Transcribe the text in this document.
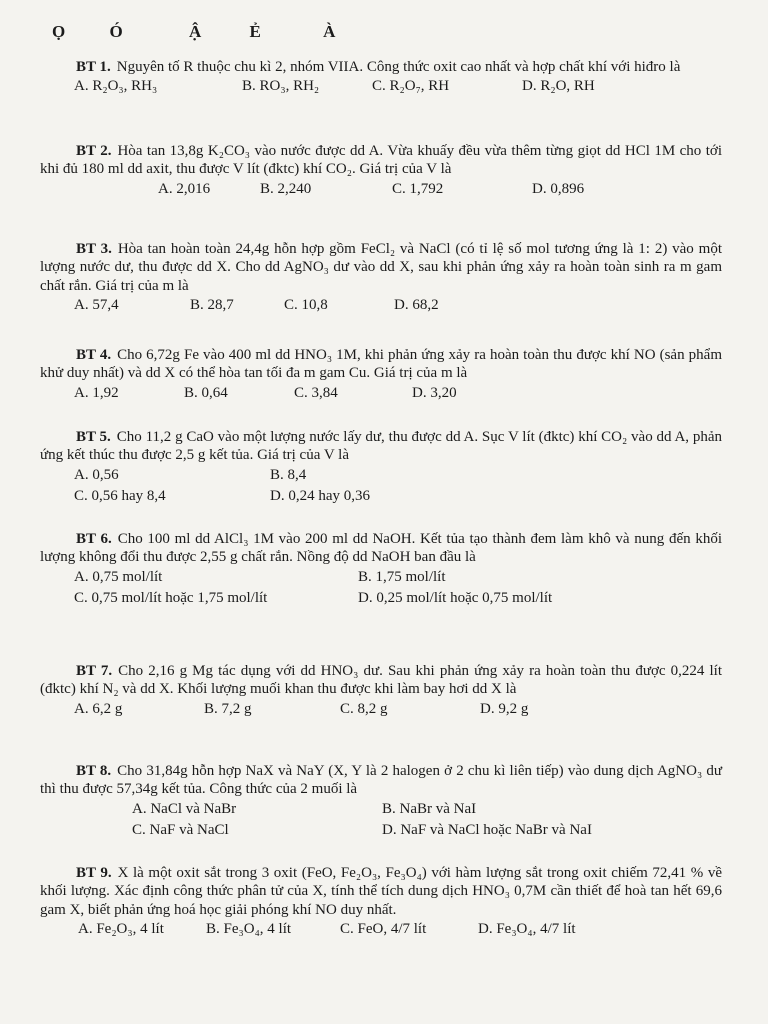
Ọ	Ó	Ậ	Ẻ	À
BT 1. Nguyên tố R thuộc chu kì 2, nhóm VIIA. Công thức oxit cao nhất và hợp chất khí với hiđro là
A. R₂O₃, RH₃	B. RO₃, RH₂	C. R₂O₇, RH	D. R₂O, RH
BT 2. Hòa tan 13,8g K₂CO₃ vào nước được dd A. Vừa khuấy đều vừa thêm từng giọt dd HCl 1M cho tới khi đủ 180 ml dd axit, thu được V lít (đktc) khí CO₂. Giá trị của V là
A. 2,016	B. 2,240	C. 1,792	D. 0,896
BT 3. Hòa tan hoàn toàn 24,4g hỗn hợp gồm FeCl₂ và NaCl (có tỉ lệ số mol tương ứng là 1: 2) vào một lượng nước dư, thu được dd X. Cho dd AgNO₃ dư vào dd X, sau khi phản ứng xảy ra hoàn toàn sinh ra m gam chất rắn. Giá trị của m là
A. 57,4	B. 28,7	C. 10,8	D. 68,2
BT 4. Cho 6,72g Fe vào 400 ml dd HNO₃ 1M, khi phản ứng xảy ra hoàn toàn thu được khí NO (sản phẩm khử duy nhất) và dd X có thể hòa tan tối đa m gam Cu. Giá trị của m là
A. 1,92	B. 0,64	C. 3,84	D. 3,20
BT 5. Cho 11,2 g CaO vào một lượng nước lấy dư, thu được dd A. Sục V lít (đktc) khí CO₂ vào dd A, phản ứng kết thúc thu được 2,5 g kết tủa. Giá trị của V là
A. 0,56	B. 8,4
C. 0,56 hay 8,4	D. 0,24 hay 0,36
BT 6. Cho 100 ml dd AlCl₃ 1M vào 200 ml dd NaOH. Kết tủa tạo thành đem làm khô và nung đến khối lượng không đổi thu được 2,55 g chất rắn. Nồng độ dd NaOH ban đầu là
A. 0,75 mol/lít	B. 1,75 mol/lít
C. 0,75 mol/lít hoặc 1,75 mol/lít	D. 0,25 mol/lít hoặc 0,75 mol/lít
BT 7. Cho 2,16 g Mg tác dụng với dd HNO₃ dư. Sau khi phản ứng xảy ra hoàn toàn thu được 0,224 lít (đktc) khí N₂ và dd X. Khối lượng muối khan thu được khi làm bay hơi dd X là
A. 6,2 g	B. 7,2 g	C. 8,2 g	D. 9,2 g
BT 8. Cho 31,84g hỗn hợp NaX và NaY (X, Y là 2 halogen ở 2 chu kì liên tiếp) vào dung dịch AgNO₃ dư thì thu được 57,34g kết tủa. Công thức của 2 muối là
A. NaCl và NaBr	B. NaBr và NaI
C. NaF và NaCl	D. NaF và NaCl hoặc NaBr và NaI
BT 9. X là một oxit sắt trong 3 oxit (FeO, Fe₂O₃, Fe₃O₄) với hàm lượng sắt trong oxit chiếm 72,41 % về khối lượng. Xác định công thức phân tử của X, tính thể tích dung dịch HNO₃ 0,7M cần thiết để hoà tan hết 69,6 gam X, biết phản ứng hoá học giải phóng khí NO duy nhất.
A. Fe₂O₃, 4 lít	B. Fe₃O₄, 4 lít	C. FeO, 4/7 lít	D. Fe₃O₄, 4/7 lít
